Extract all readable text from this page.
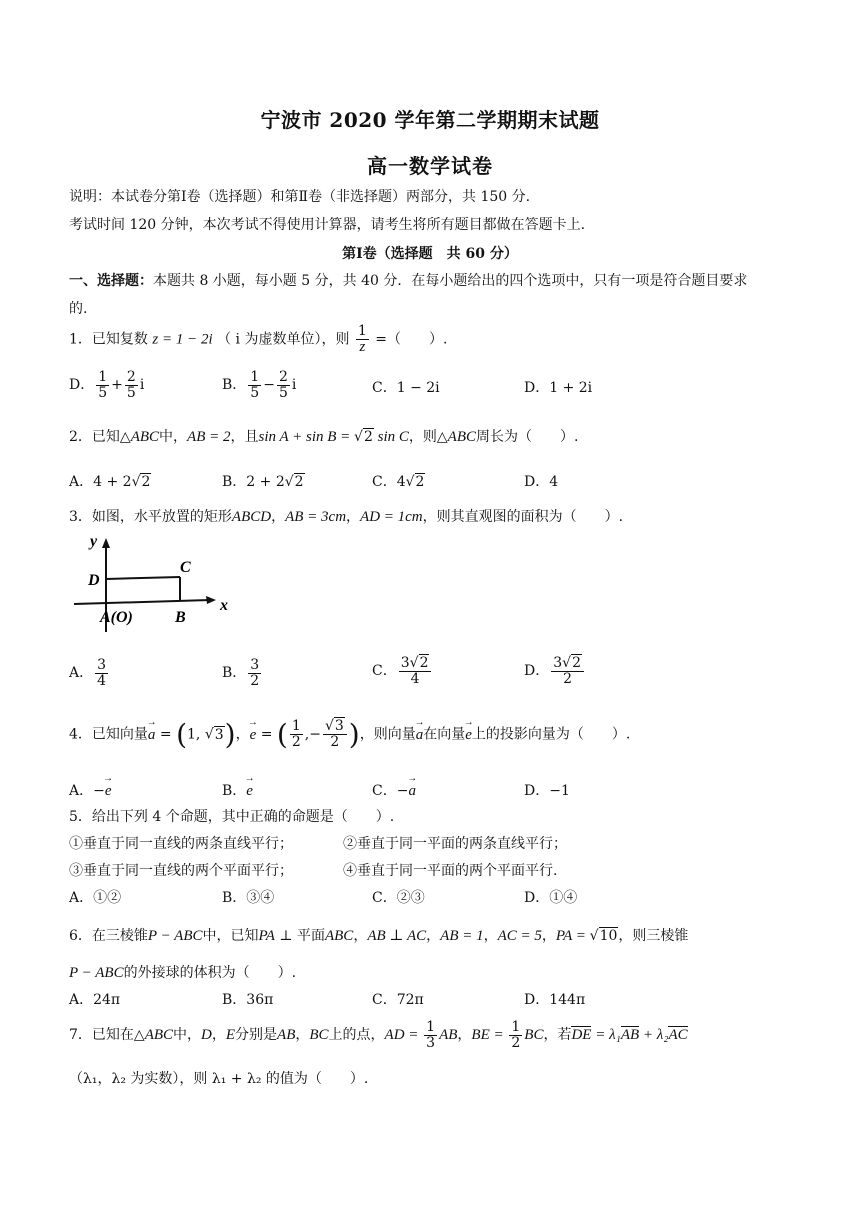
宁波市 2020 学年第二学期期末试题
高一数学试卷
说明：本试卷分第Ⅰ卷（选择题）和第Ⅱ卷（非选择题）两部分，共 150 分.
考试时间 120 分钟，本次考试不得使用计算器，请考生将所有题目都做在答题卡上.
第Ⅰ卷（选择题　共 60 分）
一、选择题：本题共 8 小题，每小题 5 分，共 40 分．在每小题给出的四个选项中，只有一项是符合题目要求
的.
1．已知复数 z = 1 − 2i （ i 为虚数单位），则 $\frac{1}{z}$ =（　　）.
D． $\frac{1}{5} + \frac{2}{5}$ i	B． $\frac{1}{5} - \frac{2}{5}$ i	C．1 − 2i	D．1 + 2i
2．已知△ABC中，AB = 2，且sin A + sin B = √2 sin C，则△ABC周长为（　　）.
A．4 + 2√2	B．2 + 2√2	C．4√2	D．4
3．如图，水平放置的矩形ABCD，AB = 3cm，AD = 1cm，则其直观图的面积为（　　）.
y
x
D
C
A(O)	B
A． $\frac{3}{4}$	B． $\frac{3}{2}$	C． $\frac{3√2}{4}$	D． $\frac{3√2}{2}$
4．已知向量→ a = (1, √3)，→ e = ( $\frac{1}{2}$ ,− $\frac{√3}{2}$ )，则向量→ a在向量→ e上的投影向量为（　　）.
A．−→ e	B．→ e	C．−→ a	D．−1
5．给出下列 4 个命题，其中正确的命题是（　　）.
①垂直于同一直线的两条直线平行；	②垂直于同一平面的两条直线平行；
③垂直于同一直线的两个平面平行；	④垂直于同一平面的两个平面平行.
A．①②	B．③④	C．②③	D．①④
6．在三棱锥P − ABC中，已知PA ⊥ 平面ABC，AB ⊥ AC，AB = 1，AC = 5，PA = √10，则三棱锥
P − ABC的外接球的体积为（　　）.
A．24π	B．36π	C．72π	D．144π
7．已知在△ABC中，D，E分别是AB，BC上的点，AD = $\frac{1}{3}$ AB，BE = $\frac{1}{2}$ BC，若DE = λ₁AB + λ₂AC
（λ₁，λ₂ 为实数），则 λ₁ + λ₂ 的值为（　　）.
